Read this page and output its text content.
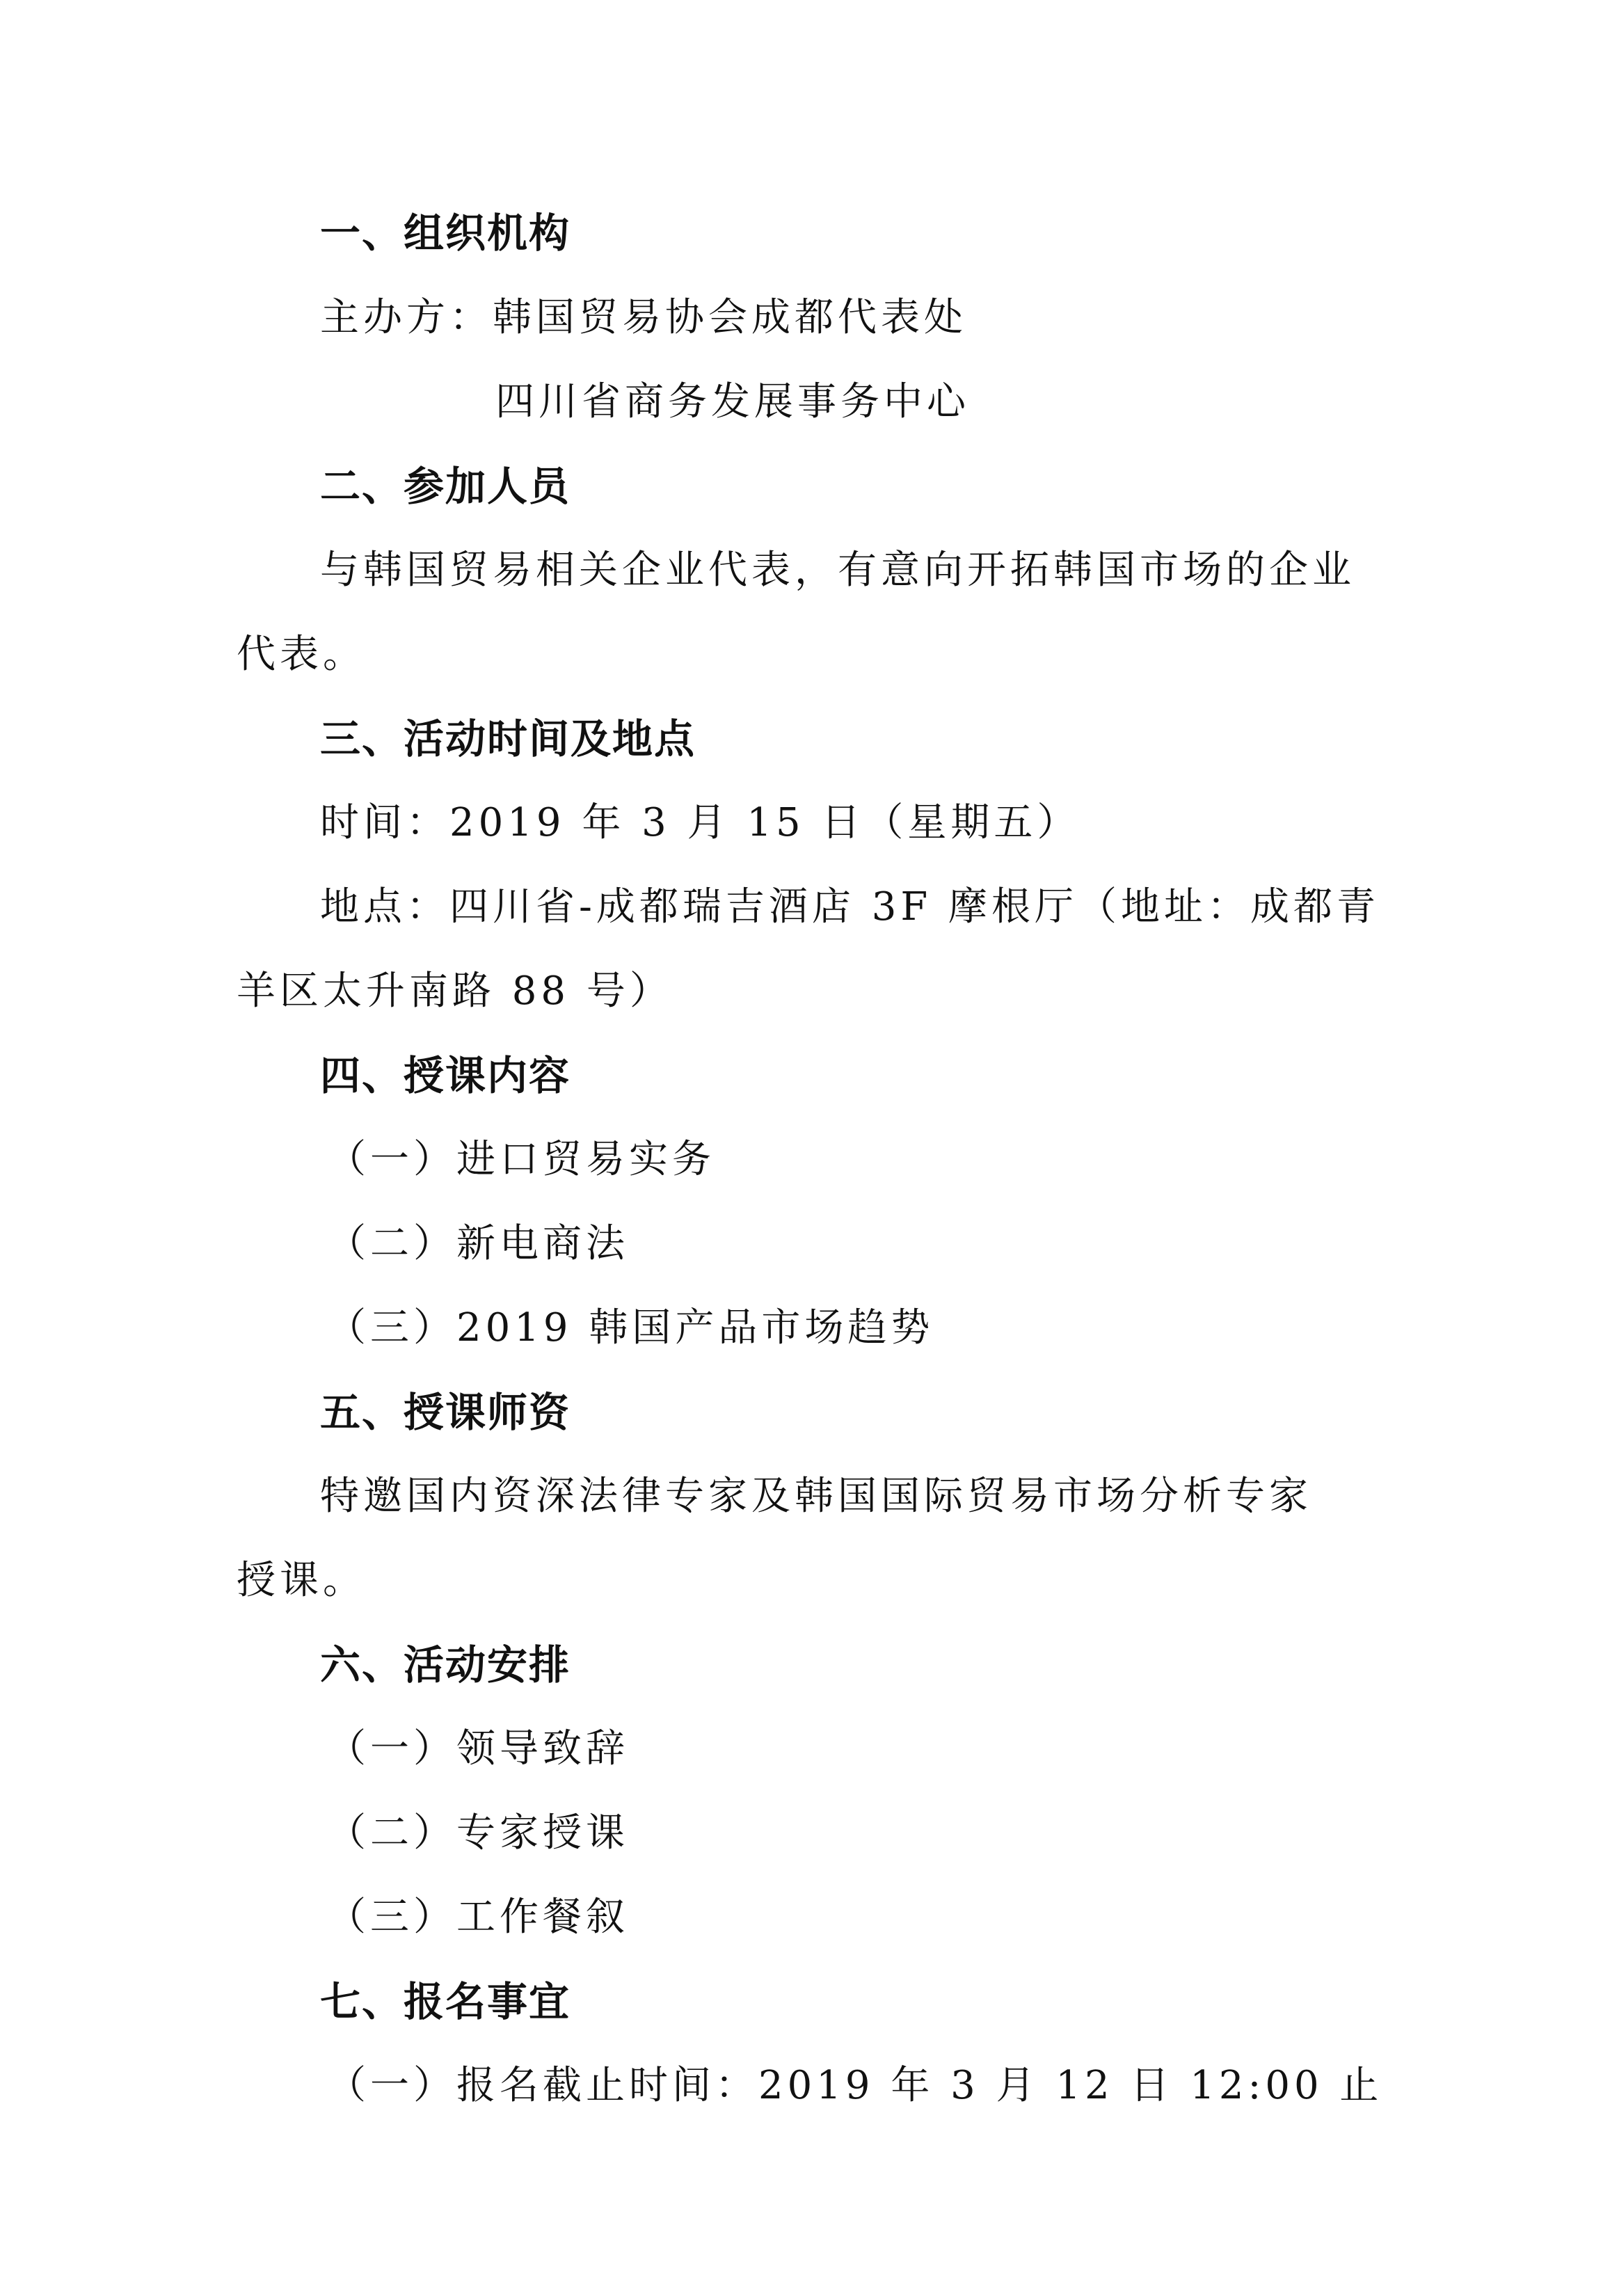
一、组织机构
主办方：韩国贸易协会成都代表处
四川省商务发展事务中心
二、参加人员
与韩国贸易相关企业代表，有意向开拓韩国市场的企业
代表。
三、活动时间及地点
时间：2019 年 3 月 15 日（星期五）
地点：四川省-成都瑞吉酒店 3F 摩根厅（地址：成都青
羊区太升南路 88 号）
四、授课内容
（一）进口贸易实务
（二）新电商法
（三）2019 韩国产品市场趋势
五、授课师资
特邀国内资深法律专家及韩国国际贸易市场分析专家
授课。
六、活动安排
（一）领导致辞
（二）专家授课
（三）工作餐叙
七、报名事宜
（一）报名截止时间：2019 年 3 月 12 日 12:00 止
